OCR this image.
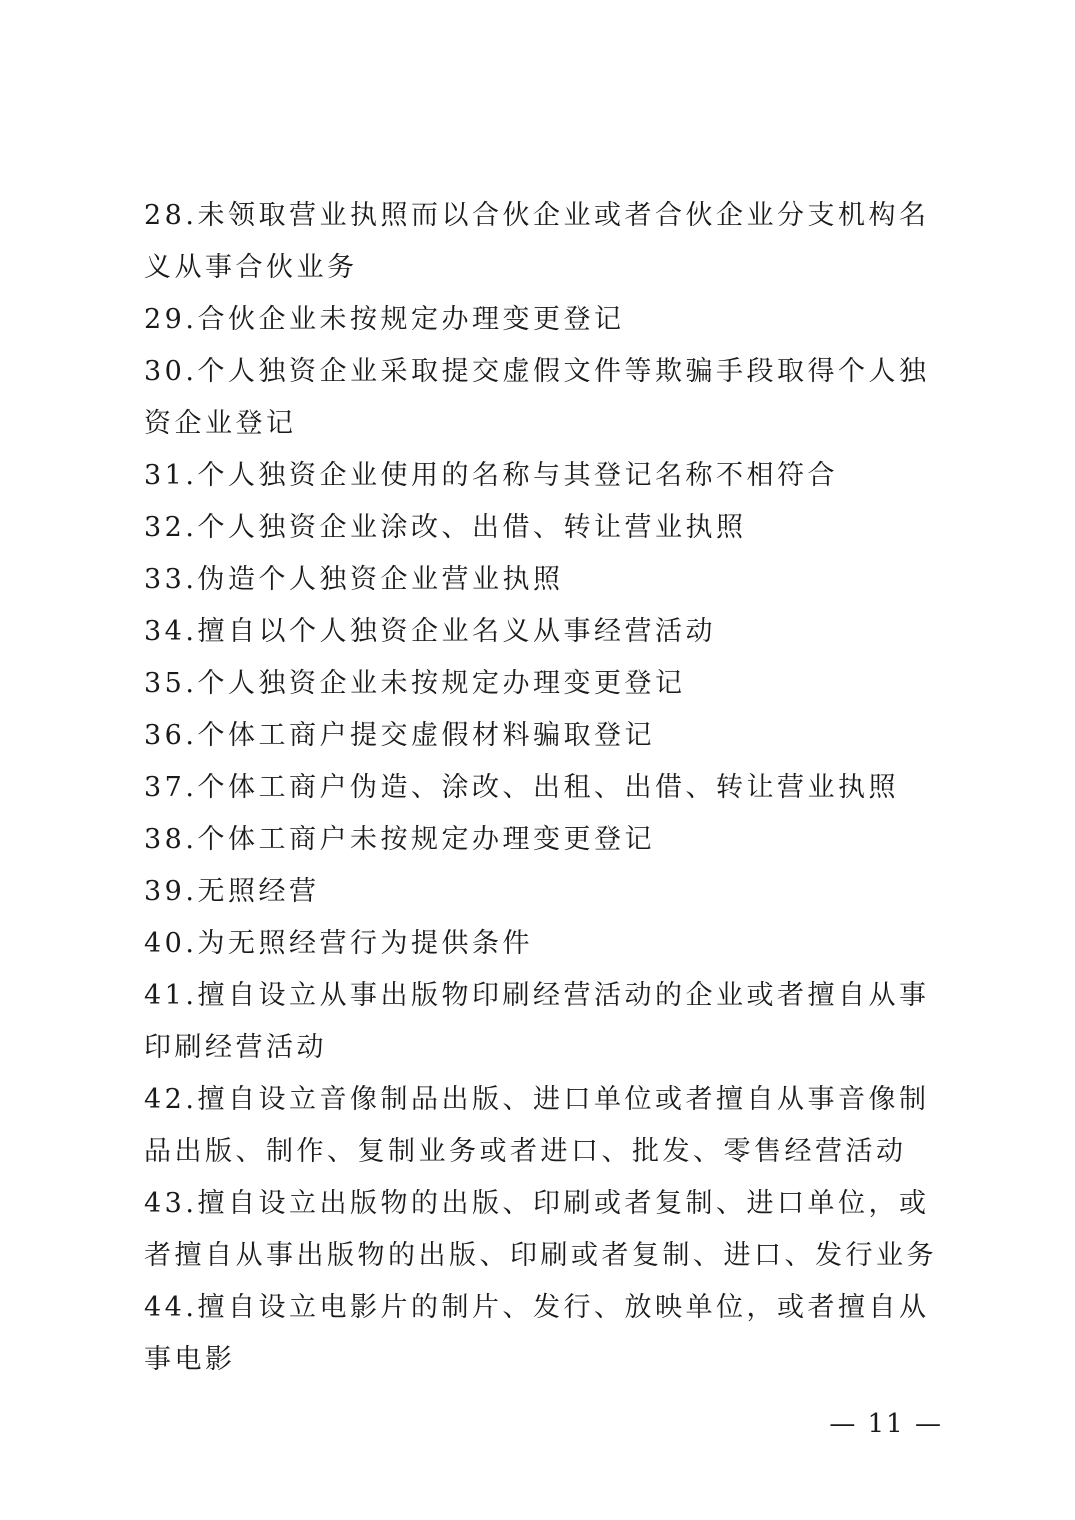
28.未领取营业执照而以合伙企业或者合伙企业分支机构名义从事合伙业务

29.合伙企业未按规定办理变更登记

30.个人独资企业采取提交虚假文件等欺骗手段取得个人独资企业登记

31.个人独资企业使用的名称与其登记名称不相符合

32.个人独资企业涂改、出借、转让营业执照

33.伪造个人独资企业营业执照

34.擅自以个人独资企业名义从事经营活动

35.个人独资企业未按规定办理变更登记

36.个体工商户提交虚假材料骗取登记

37.个体工商户伪造、涂改、出租、出借、转让营业执照

38.个体工商户未按规定办理变更登记

39.无照经营

40.为无照经营行为提供条件

41.擅自设立从事出版物印刷经营活动的企业或者擅自从事印刷经营活动

42.擅自设立音像制品出版、进口单位或者擅自从事音像制品出版、制作、复制业务或者进口、批发、零售经营活动

43.擅自设立出版物的出版、印刷或者复制、进口单位，或者擅自从事出版物的出版、印刷或者复制、进口、发行业务

44.擅自设立电影片的制片、发行、放映单位，或者擅自从事电影

— 11 —
